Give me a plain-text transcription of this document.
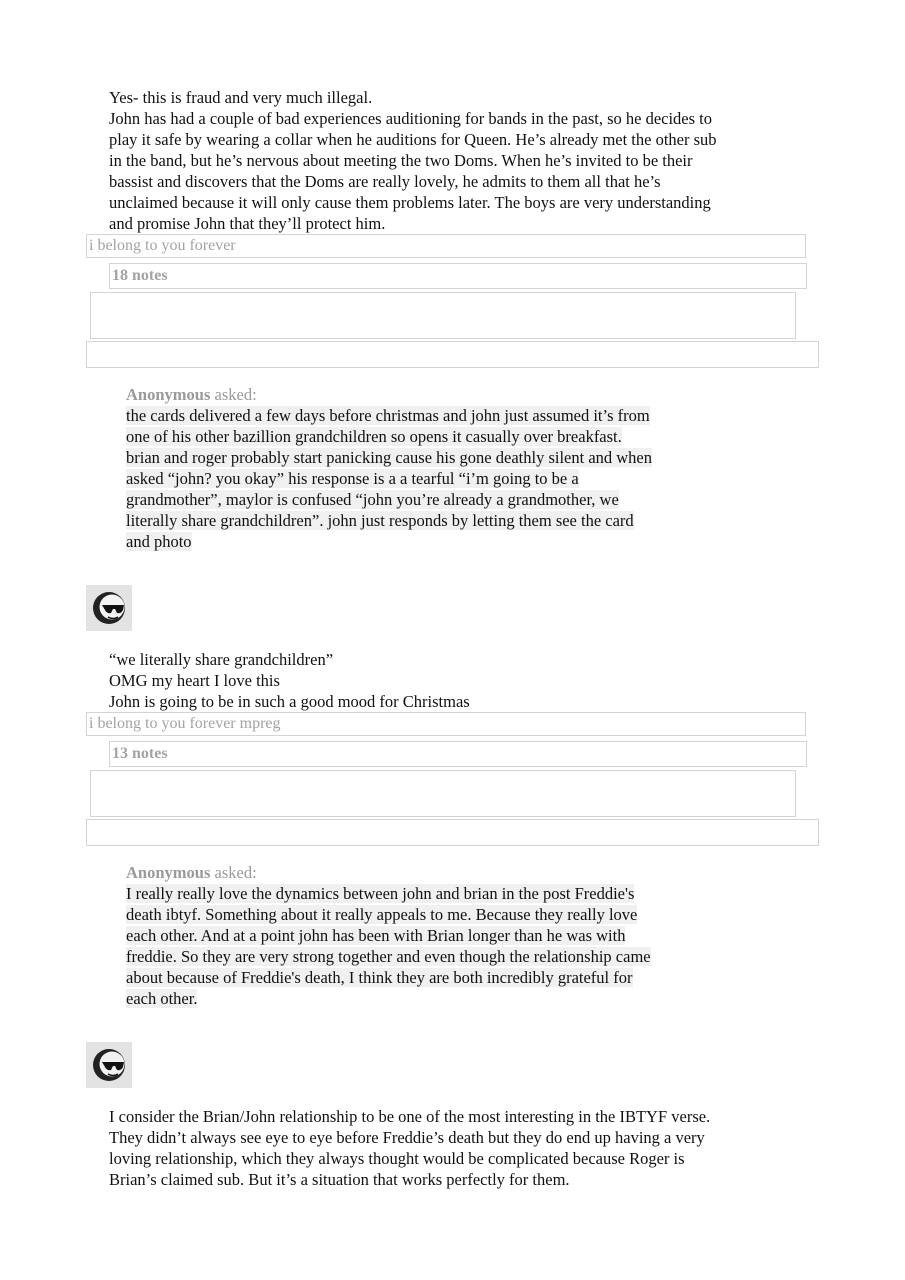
Yes- this is fraud and very much illegal.

John has had a couple of bad experiences auditioning for bands in the past, so he decides to

play it safe by wearing a collar when he auditions for Queen. He’s already met the other sub

in the band, but he’s nervous about meeting the two Doms. When he’s invited to be their

bassist and discovers that the Doms are really lovely, he admits to them all that he’s

unclaimed because it will only cause them problems later. The boys are very understanding

and promise John that they’ll protect him.

i belong to you forever
18 notes
Anonymous asked:
the cards delivered a few days before christmas and john just assumed it’s from
one of his other bazillion grandchildren so opens it casually over breakfast.
brian and roger probably start panicking cause his gone deathly silent and when
asked “john? you okay” his response is a a tearful “i’m going to be a
grandmother”, maylor is confused “john you’re already a grandmother, we
literally share grandchildren”. john just responds by letting them see the card
and photo

“we literally share grandchildren”

OMG my heart I love this

John is going to be in such a good mood for Christmas

i belong to you forever mpreg
13 notes
Anonymous asked:
I really really love the dynamics between john and brian in the post Freddie's
death ibtyf. Something about it really appeals to me. Because they really love
each other. And at a point john has been with Brian longer than he was with
freddie. So they are very strong together and even though the relationship came
about because of Freddie's death, I think they are both incredibly grateful for
each other.

I consider the Brian/John relationship to be one of the most interesting in the IBTYF verse.

They didn’t always see eye to eye before Freddie’s death but they do end up having a very

loving relationship, which they always thought would be complicated because Roger is

Brian’s claimed sub. But it’s a situation that works perfectly for them.
